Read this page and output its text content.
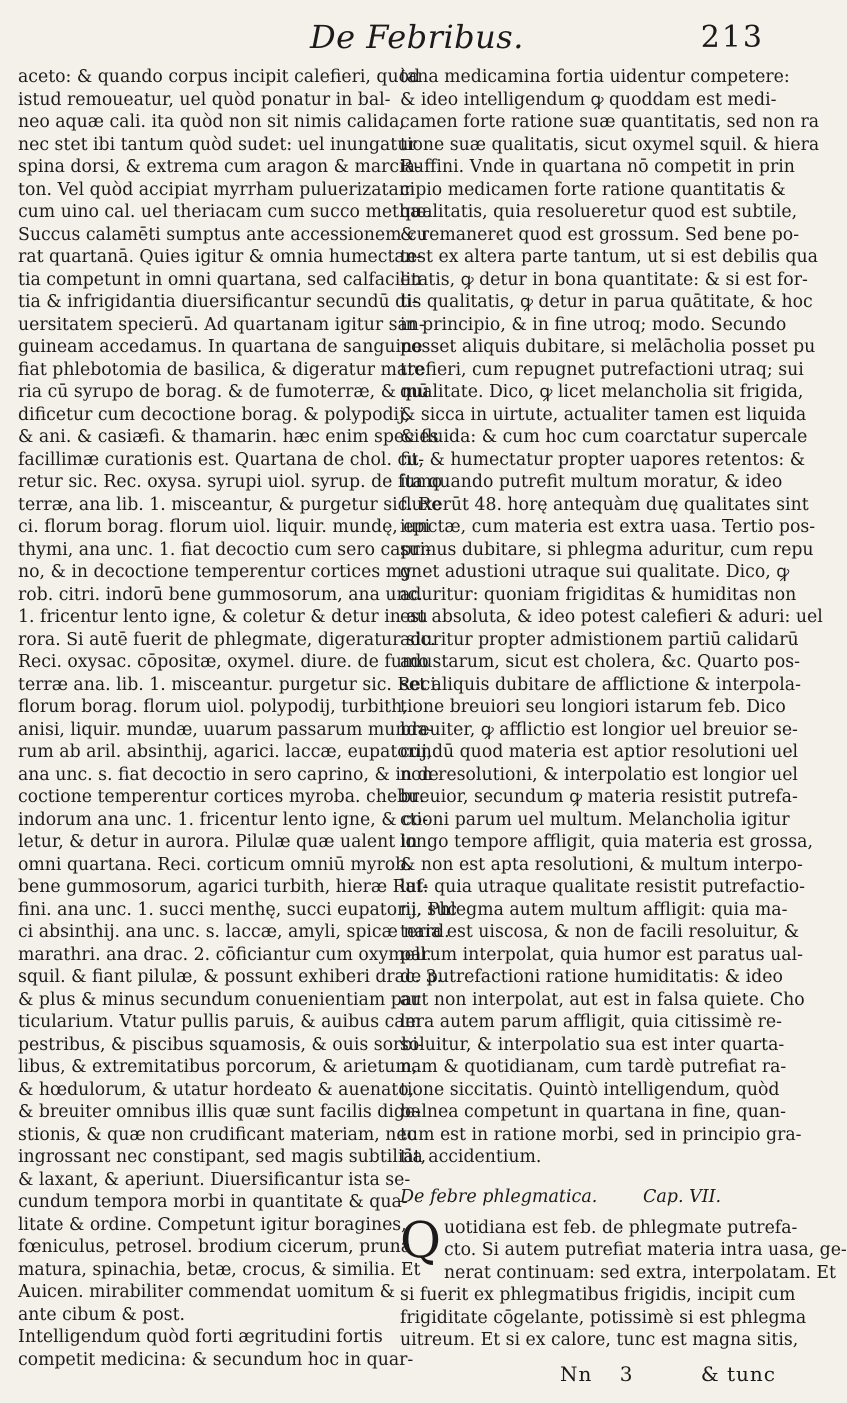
De Febribus.	213
aceto: & quando corpus incipit calefieri, quòd
istud remoueatur, uel quòd ponatur in bal-
neo aquæ cali. ita quòd non sit nimis calida,
nec stet ibi tantum quòd sudet: uel inungatur
spina dorsi, & extrema cum aragon & marcia-
ton. Vel quòd accipiat myrrham puluerizatam
cum uino cal. uel theriacam cum succo methæ.
Succus calamēti sumptus ante accessionem cu
rat quartanā. Quies igitur & omnia humectan-
tia competunt in omni quartana, sed calfacien
tia & infrigidantia diuersificantur secundū di-
uersitatem specierū. Ad quartanam igitur san-
guineam accedamus. In quartana de sanguine
fiat phlebotomia de basilica, & digeratur mate
ria cū syrupo de borag. & de fumoterræ, & mū
dificetur cum decoctione borag. & polypodij,
& ani. & casiæfi. & thamarin. hæc enim species
facillimæ curationis est. Quartana de chol. cu-
retur sic. Rec. oxysa. syrupi uiol. syrup. de fumo
terræ, ana lib. 1. misceantur, & purgetur sic. Re
ci. florum borag. florum uiol. liquir. mundę, epi
thymi, ana unc. 1. fiat decoctio cum sero capri-
no, & in decoctione temperentur cortices my
rob. citri. indorū bene gummosorum, ana unc.
1. fricentur lento igne, & coletur & detur in au
rora. Si autē fuerit de phlegmate, digeratur sic.
Reci. oxysac. cōpositæ, oxymel. diure. de fumo
terræ ana. lib. 1. misceantur. purgetur sic. Reci.
florum borag. florum uiol. polypodij, turbith,
anisi, liquir. mundæ, uuarum passarum munda-
rum ab aril. absinthij, agarici. laccæ, eupatorij,
ana unc. s. fiat decoctio in sero caprino, & in de
coctione temperentur cortices myroba. chebu.
indorum ana unc. 1. fricentur lento igne, & co-
letur, & detur in aurora. Pilulæ quæ ualent in
omni quartana. Reci. corticum omniū myrob.
bene gummosorum, agarici turbith, hieræ Ruf-
fini. ana unc. 1. succi menthę, succi eupatorij, suc
ci absinthij. ana unc. s. laccæ, amyli, spicæ nard.
marathri. ana drac. 2. cōficiantur cum oxymell.
squil. & fiant pilulæ, & possunt exhiberi drac. 3.
& plus & minus secundum conuenientiam par
ticularium. Vtatur pullis paruis, & auibus cam
pestribus, & piscibus squamosis, & ouis sorbi-
libus, & extremitatibus porcorum, & arietum,
& hœdulorum, & utatur hordeato & auenato,
& breuiter omnibus illis quæ sunt facilis dige-
stionis, & quæ non crudificant materiam, nec
ingrossant nec constipant, sed magis subtiliāt,
& laxant, & aperiunt. Diuersificantur ista se-
cundum tempora morbi in quantitate & qua-
litate & ordine. Competunt igitur boragines,
fœniculus, petrosel. brodium cicerum, pruna
matura, spinachia, betæ, crocus, & similia. Et
Auicen. mirabiliter commendat uomitum &
ante cibum & post.
Intelligendum quòd forti ægritudini fortis
competit medicina: & secundum hoc in quar-
tana medicamina fortia uidentur competere:
& ideo intelligendum ꝙ quoddam est medi-
camen forte ratione suæ quantitatis, sed non ra
tione suæ qualitatis, sicut oxymel squil. & hiera
Ruffini. Vnde in quartana nō competit in prin
cipio medicamen forte ratione quantitatis &
qualitatis, quia resolueretur quod est subtile,
& remaneret quod est grossum. Sed bene po-
test ex altera parte tantum, ut si est debilis qua
litatis, ꝙ detur in bona quantitate: & si est for-
tis qualitatis, ꝙ detur in parua quātitate, & hoc
in principio, & in fine utroq; modo. Secundo
posset aliquis dubitare, si melācholia posset pu
trefieri, cum repugnet putrefactioni utraq; sui
qualitate. Dico, ꝙ licet melancholia sit frigida,
& sicca in uirtute, actualiter tamen est liquida
& fluida: & cum hoc cum coarctatur supercale
fit, & humectatur propter uapores retentos: &
ita quando putrefit multum moratur, & ideo
fluxerūt 48. horę antequàm duę qualitates sint
iunctæ, cum materia est extra uasa. Tertio pos-
sumus dubitare, si phlegma aduritur, cum repu
gnet adustioni utraque sui qualitate. Dico, ꝙ
aduritur: quoniam frigiditas & humiditas non
est absoluta, & ideo potest calefieri & aduri: uel
aduritur propter admistionem partiū calidarū
adustarum, sicut est cholera, &c. Quarto pos-
set aliquis dubitare de afflictione & interpola-
tione breuiori seu longiori istarum feb. Dico
breuiter, ꝙ afflictio est longior uel breuior se-
cundū quod materia est aptior resolutioni uel
non resolutioni, & interpolatio est longior uel
breuior, secundum ꝙ materia resistit putrefa-
ctioni parum uel multum. Melancholia igitur
longo tempore affligit, quia materia est grossa,
& non est apta resolutioni, & multum interpo-
lat: quia utraque qualitate resistit putrefactio-
ni. Phlegma autem multum affligit: quia ma-
teria est uiscosa, & non de facili resoluitur, &
parum interpolat, quia humor est paratus ual-
de putrefactioni ratione humiditatis: & ideo
aut non interpolat, aut est in falsa quiete. Cho
lera autem parum affligit, quia citissimè re-
soluitur, & interpolatio sua est inter quarta-
nam & quotidianam, cum tardè putrefiat ra-
tione siccitatis. Quintò intelligendum, quòd
balnea competunt in quartana in fine, quan-
tum est in ratione morbi, sed in principio gra-
tia accidentium.
De febre phlegmatica.	Cap. VII.
Q uotidiana est feb. de phlegmate putrefa-
cto. Si autem putrefiat materia intra uasa, ge-
nerat continuam: sed extra, interpolatam. Et
si fuerit ex phlegmatibus frigidis, incipit cum
frigiditate cōgelante, potissimè si est phlegma
uitreum. Et si ex calore, tunc est magna sitis,
Nn 3	& tunc
